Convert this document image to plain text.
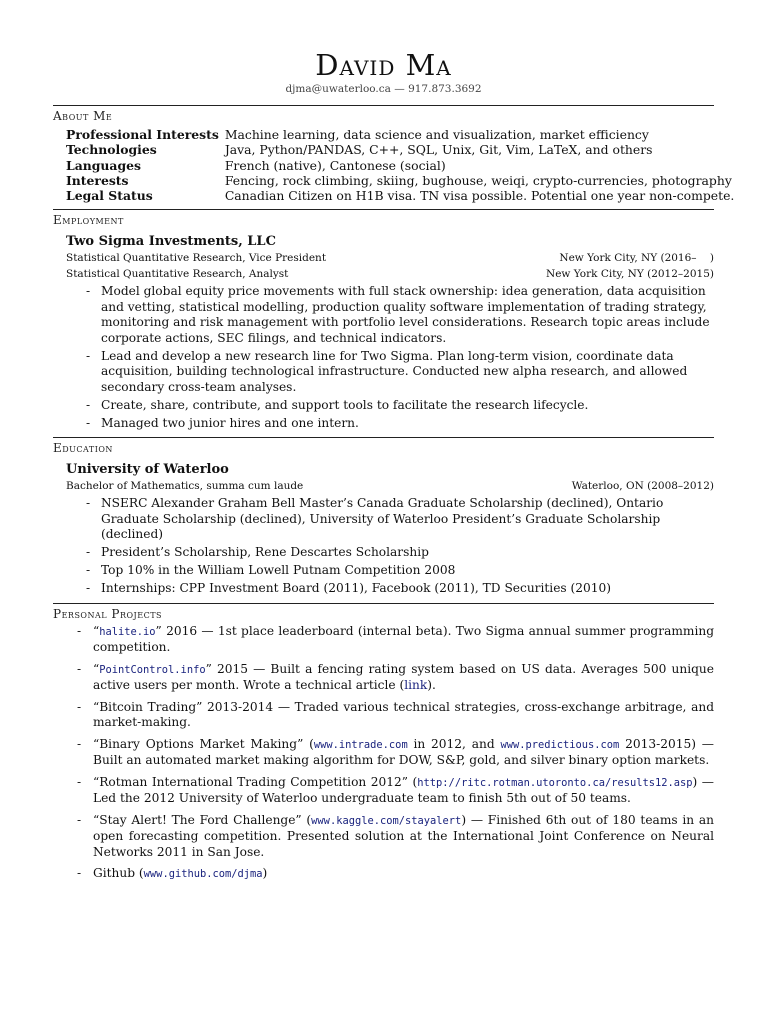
David Ma
djma@uwaterloo.ca — 917.873.3692
About Me
Professional Interests	Machine learning, data science and visualization, market efficiency
Technologies	Java, Python/PANDAS, C++, SQL, Unix, Git, Vim, LaTeX, and others
Languages	French (native), Cantonese (social)
Interests	Fencing, rock climbing, skiing, bughouse, weiqi, crypto-currencies, photography
Legal Status	Canadian Citizen on H1B visa. TN visa possible. Potential one year non-compete.
Employment
Two Sigma Investments, LLC
Statistical Quantitative Research, Vice President	New York City, NY (2016–    )
Statistical Quantitative Research, Analyst	New York City, NY (2012–2015)
- Model global equity price movements with full stack ownership: idea generation, data acquisition and vetting, statistical modelling, production quality software implementation of trading strategy, monitoring and risk management with portfolio level considerations. Research topic areas include corporate actions, SEC filings, and technical indicators.
- Lead and develop a new research line for Two Sigma. Plan long-term vision, coordinate data acquisition, building technological infrastructure. Conducted new alpha research, and allowed secondary cross-team analyses.
- Create, share, contribute, and support tools to facilitate the research lifecycle.
- Managed two junior hires and one intern.
Education
University of Waterloo
Bachelor of Mathematics, summa cum laude	Waterloo, ON (2008–2012)
- NSERC Alexander Graham Bell Master’s Canada Graduate Scholarship (declined), Ontario Graduate Scholarship (declined), University of Waterloo President’s Graduate Scholarship (declined)
- President’s Scholarship, Rene Descartes Scholarship
- Top 10% in the William Lowell Putnam Competition 2008
- Internships: CPP Investment Board (2011), Facebook (2011), TD Securities (2010)
Personal Projects
- “halite.io” 2016 — 1st place leaderboard (internal beta). Two Sigma annual summer programming competition.
- “PointControl.info” 2015 — Built a fencing rating system based on US data. Averages 500 unique active users per month. Wrote a technical article (link).
- “Bitcoin Trading” 2013-2014 — Traded various technical strategies, cross-exchange arbitrage, and market-making.
- “Binary Options Market Making” (www.intrade.com in 2012, and www.predictious.com 2013-2015) — Built an automated market making algorithm for DOW, S&P, gold, and silver binary option markets.
- “Rotman International Trading Competition 2012” (http://ritc.rotman.utoronto.ca/results12.asp) — Led the 2012 University of Waterloo undergraduate team to finish 5th out of 50 teams.
- “Stay Alert! The Ford Challenge” (www.kaggle.com/stayalert) — Finished 6th out of 180 teams in an open forecasting competition. Presented solution at the International Joint Conference on Neural Networks 2011 in San Jose.
- Github (www.github.com/djma)
